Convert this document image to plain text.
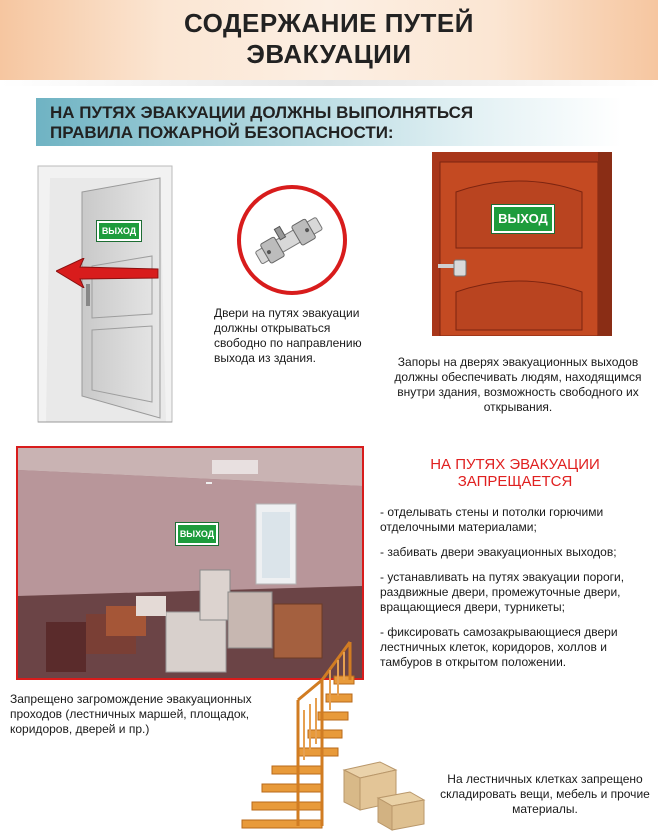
СОДЕРЖАНИЕ ПУТЕЙ
ЭВАКУАЦИИ
НА ПУТЯХ ЭВАКУАЦИИ ДОЛЖНЫ ВЫПОЛНЯТЬСЯ
ПРАВИЛА ПОЖАРНОЙ БЕЗОПАСНОСТИ:
ВЫХОД
Двери на путях эвакуации должны открываться свободно по направлению выхода из здания.
ВЫХОД
Запоры на дверях эвакуационных выходов должны обеспечивать людям, находящимся внутри здания, возможность свободного их открывания.
ВЫХОД
Запрещено загромождение эвакуационных проходов (лестничных маршей, площадок, коридоров, дверей и пр.)
НА ПУТЯХ ЭВАКУАЦИИ
ЗАПРЕЩАЕТСЯ
- отделывать стены и потолки горючими отделочными материалами;
- забивать двери эвакуационных выходов;
- устанавливать на путях эвакуации пороги, раздвижные двери, промежуточные двери, вращающиеся двери, турникеты;
- фиксировать самозакрывающиеся двери лестничных клеток, коридоров, холлов и тамбуров в открытом положении.
На лестничных клетках запрещено складировать вещи, мебель и прочие материалы.
